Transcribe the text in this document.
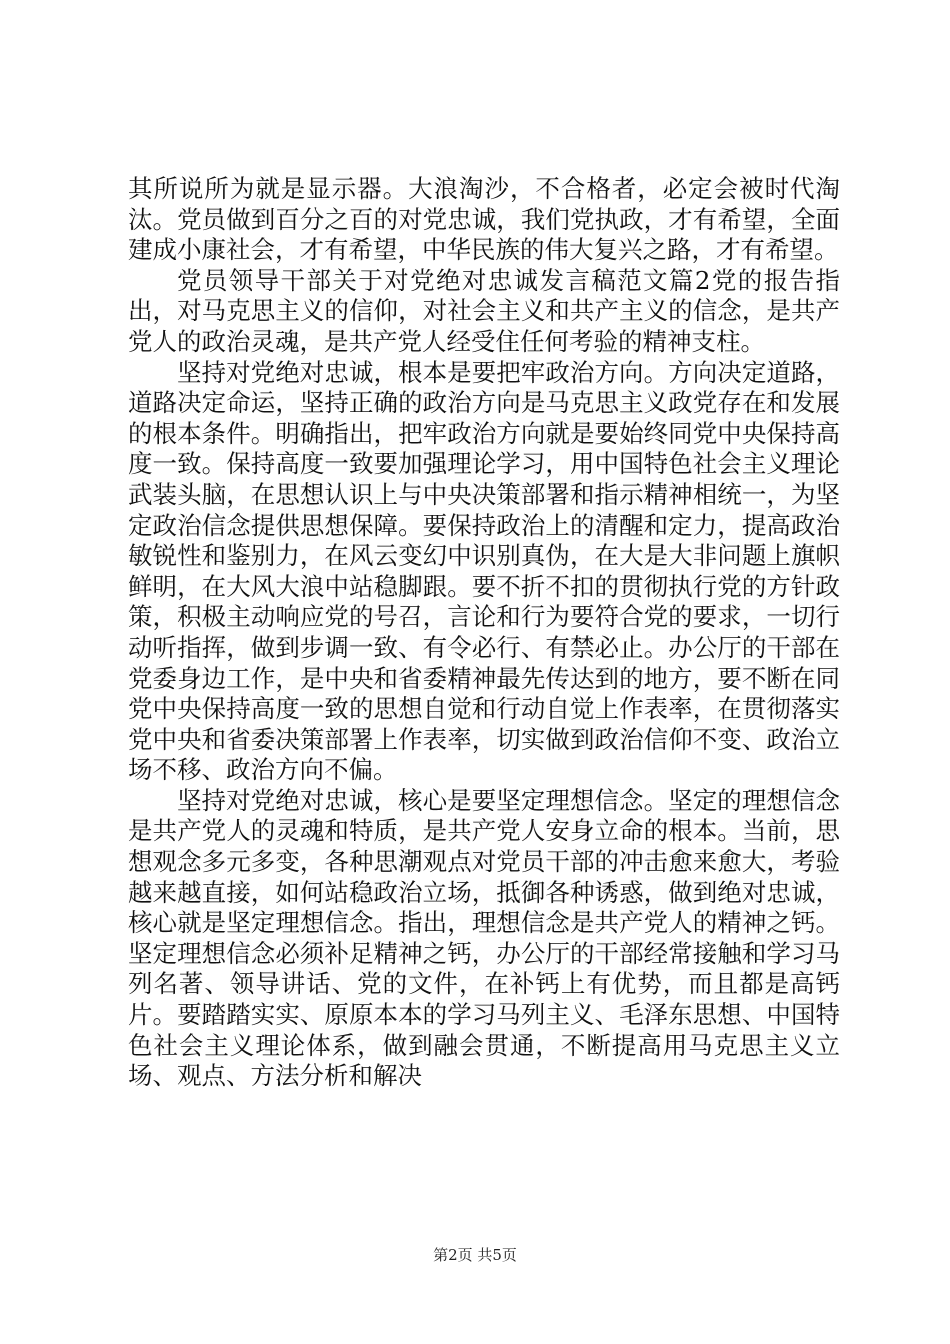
其所说所为就是显示器。大浪淘沙，不合格者，必定会被时代淘汰。党员做到百分之百的对党忠诚，我们党执政，才有希望，全面建成小康社会，才有希望，中华民族的伟大复兴之路，才有希望。

党员领导干部关于对党绝对忠诚发言稿范文篇2党的报告指出，对马克思主义的信仰，对社会主义和共产主义的信念，是共产党人的政治灵魂，是共产党人经受住任何考验的精神支柱。

坚持对党绝对忠诚，根本是要把牢政治方向。方向决定道路，道路决定命运，坚持正确的政治方向是马克思主义政党存在和发展的根本条件。明确指出，把牢政治方向就是要始终同党中央保持高度一致。保持高度一致要加强理论学习，用中国特色社会主义理论武装头脑，在思想认识上与中央决策部署和指示精神相统一，为坚定政治信念提供思想保障。要保持政治上的清醒和定力，提高政治敏锐性和鉴别力，在风云变幻中识别真伪，在大是大非问题上旗帜鲜明，在大风大浪中站稳脚跟。要不折不扣的贯彻执行党的方针政策，积极主动响应党的号召，言论和行为要符合党的要求，一切行动听指挥，做到步调一致、有令必行、有禁必止。办公厅的干部在党委身边工作，是中央和省委精神最先传达到的地方，要不断在同党中央保持高度一致的思想自觉和行动自觉上作表率，在贯彻落实党中央和省委决策部署上作表率，切实做到政治信仰不变、政治立场不移、政治方向不偏。

坚持对党绝对忠诚，核心是要坚定理想信念。坚定的理想信念是共产党人的灵魂和特质，是共产党人安身立命的根本。当前，思想观念多元多变，各种思潮观点对党员干部的冲击愈来愈大，考验越来越直接，如何站稳政治立场，抵御各种诱惑，做到绝对忠诚，核心就是坚定理想信念。指出，理想信念是共产党人的精神之钙。坚定理想信念必须补足精神之钙，办公厅的干部经常接触和学习马列名著、领导讲话、党的文件，在补钙上有优势，而且都是高钙片。要踏踏实实、原原本本的学习马列主义、毛泽东思想、中国特色社会主义理论体系，做到融会贯通，不断提高用马克思主义立场、观点、方法分析和解决

第2页 共5页
